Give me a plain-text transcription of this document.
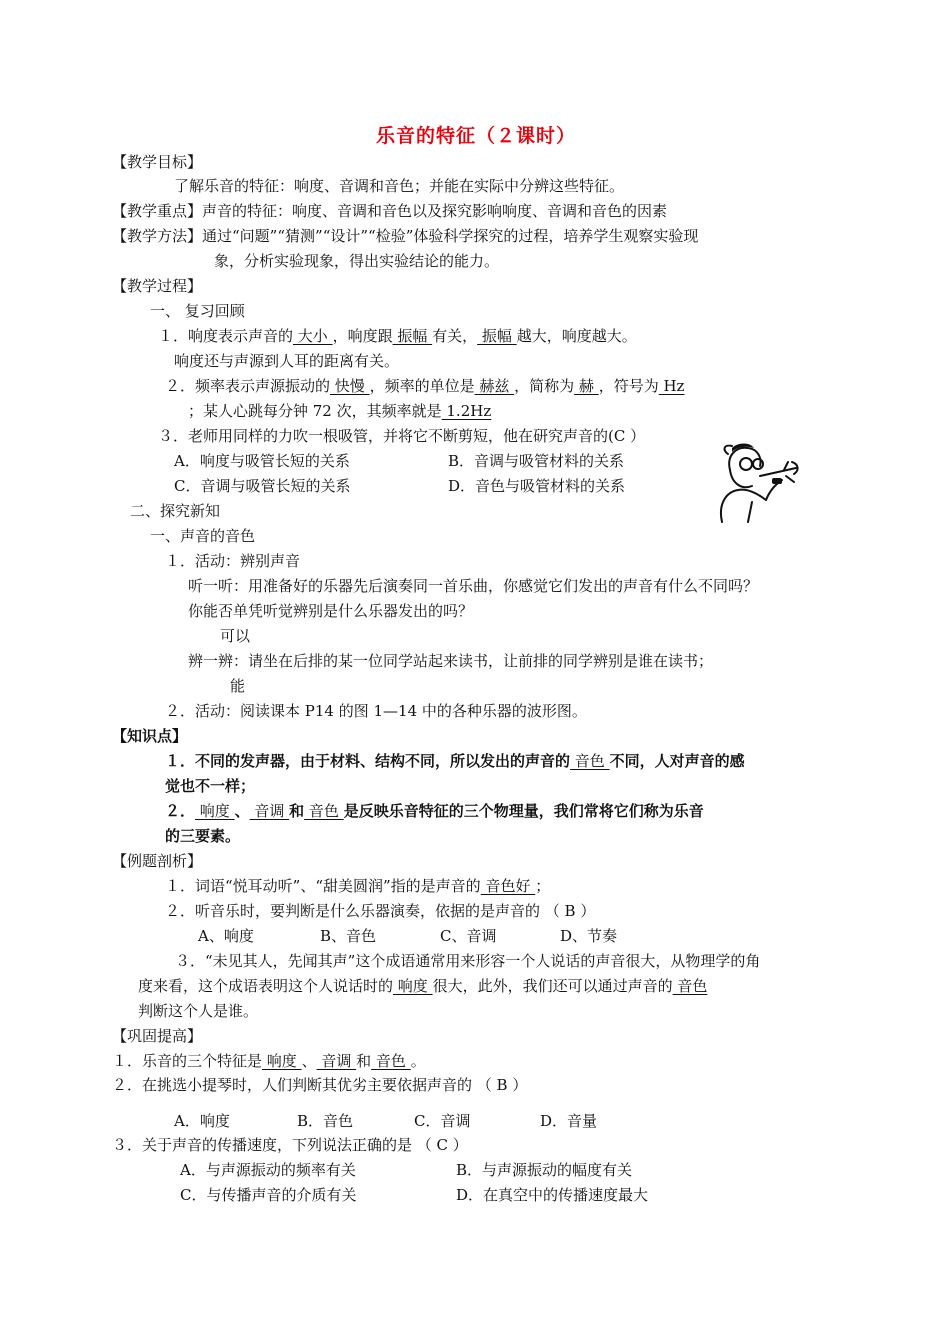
乐音的特征（２课时）
【教学目标】
了解乐音的特征：响度、音调和音色；并能在实际中分辨这些特征。
【教学重点】声音的特征：响度、音调和音色以及探究影响响度、音调和音色的因素
【教学方法】通过“问题”“猜测”“设计”“检验”体验科学探究的过程，培养学生观察实验现
象，分析实验现象，得出实验结论的能力。
【教学过程】
一、 复习回顾
１．响度表示声音的 大小 ，响度跟 振幅 有关， 振幅 越大，响度越大。
响度还与声源到人耳的距离有关。
２．频率表示声源振动的 快慢 ，频率的单位是 赫兹 ，简称为 赫 ，符号为 Hz
；某人心跳每分钟 72 次，其频率就是 1.2Hz
３．老师用同样的力吹一根吸管，并将它不断剪短，他在研究声音的(C ）
A．响度与吸管长短的关系	B．音调与吸管材料的关系
C．音调与吸管长短的关系	D．音色与吸管材料的关系
二、探究新知
一、声音的音色
１．活动：辨别声音
听一听：用准备好的乐器先后演奏同一首乐曲，你感觉它们发出的声音有什么不同吗？
你能否单凭听觉辨别是什么乐器发出的吗？
可以
辨一辨：请坐在后排的某一位同学站起来读书，让前排的同学辨别是谁在读书；
能
２．活动：阅读课本 P14 的图 1—14 中的各种乐器的波形图。
【知识点】
１．不同的发声器，由于材料、结构不同，所以发出的声音的 音色 不同，人对声音的感
觉也不一样；
２． 响度 、 音调 和 音色 是反映乐音特征的三个物理量，我们常将它们称为乐音
的三要素。
【例题剖析】
１．词语“悦耳动听”、“甜美圆润”指的是声音的 音色好 ；
２．听音乐时，要判断是什么乐器演奏，依据的是声音的 （ B ）
A、响度	B、音色	C、音调	D、节奏
３．“未见其人，先闻其声”这个成语通常用来形容一个人说话的声音很大，从物理学的角
度来看，这个成语表明这个人说话时的 响度 很大，此外，我们还可以通过声音的 音色
判断这个人是谁。
【巩固提高】
１．乐音的三个特征是 响度 、 音调 和 音色 。
２．在挑选小提琴时，人们判断其优劣主要依据声音的 （ B ）
A．响度	B．音色	C．音调	D．音量
３．关于声音的传播速度，下列说法正确的是 （ C ）
A．与声源振动的频率有关	B．与声源振动的幅度有关
C．与传播声音的介质有关	D．在真空中的传播速度最大
